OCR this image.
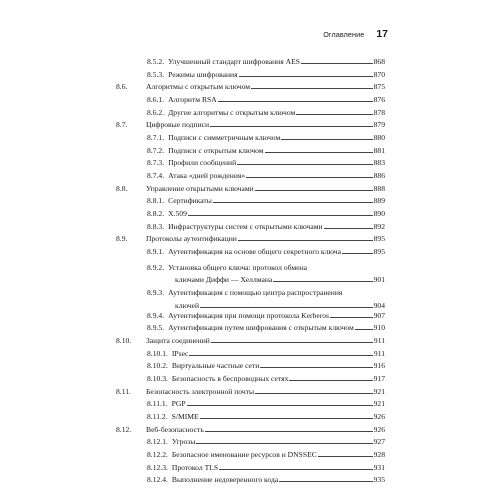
Оглавление 17
8.5.2. Улучшенный стандарт шифрования AES	868
8.5.3. Режимы шифрования	870
8.6.	Алгоритмы с открытым ключом	875
8.6.1. Алгоритм RSA	876
8.6.2. Другие алгоритмы с открытым ключом	878
8.7.	Цифровые подписи	879
8.7.1. Подписи с симметричным ключом	880
8.7.2. Подписи с открытым ключом	881
8.7.3. Профили сообщений	883
8.7.4. Атака «дней рождения»	886
8.8.	Управление открытыми ключами	888
8.8.1. Сертификаты	889
8.8.2. X.509	890
8.8.3. Инфраструктуры систем с открытыми ключами	892
8.9.	Протоколы аутентификации	895
8.9.1. Аутентификация на основе общего секретного ключа	895
8.9.2. Установка общего ключа: протокол обмена
ключами Диффи — Хеллмана	901
8.9.3. Аутентификация с помощью центра распространения
ключей	904
8.9.4. Аутентификация при помощи протокола Kerberos	907
8.9.5. Аутентификация путем шифрования с открытым ключом	910
8.10.	Защита соединений	911
8.10.1. IPsec	911
8.10.2. Виртуальные частные сети	916
8.10.3. Безопасность в беспроводных сетях	917
8.11.	Безопасность электронной почты	921
8.11.1. PGP	921
8.11.2. S/MIME	926
8.12.	Веб-безопасность	926
8.12.1. Угрозы	927
8.12.2. Безопасное именование ресурсов и DNSSEC	928
8.12.3. Протокол TLS	931
8.12.4. Выполнение недоверенного кода	935
